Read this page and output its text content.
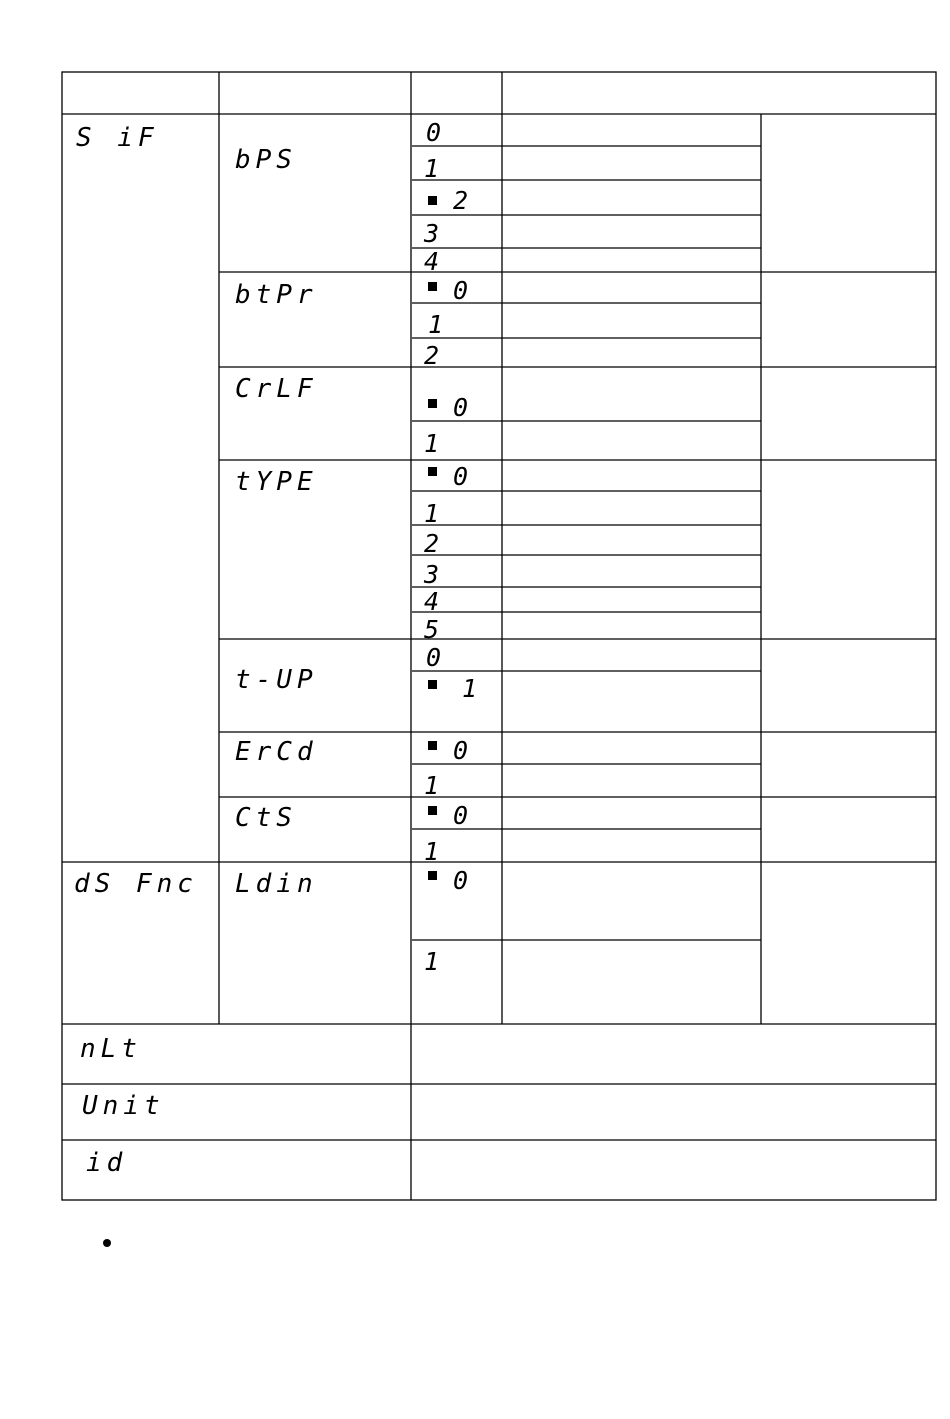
S iF
dS Fnc
nLt
Unit
id
bPS
btPr
CrLF
tYPE
t-UP
ErCd
CtS
Ldin
0
1
2
3
4
0
1
2
0
1
0
1
2
3
4
5
0
1
0
1
0
1
0
1
